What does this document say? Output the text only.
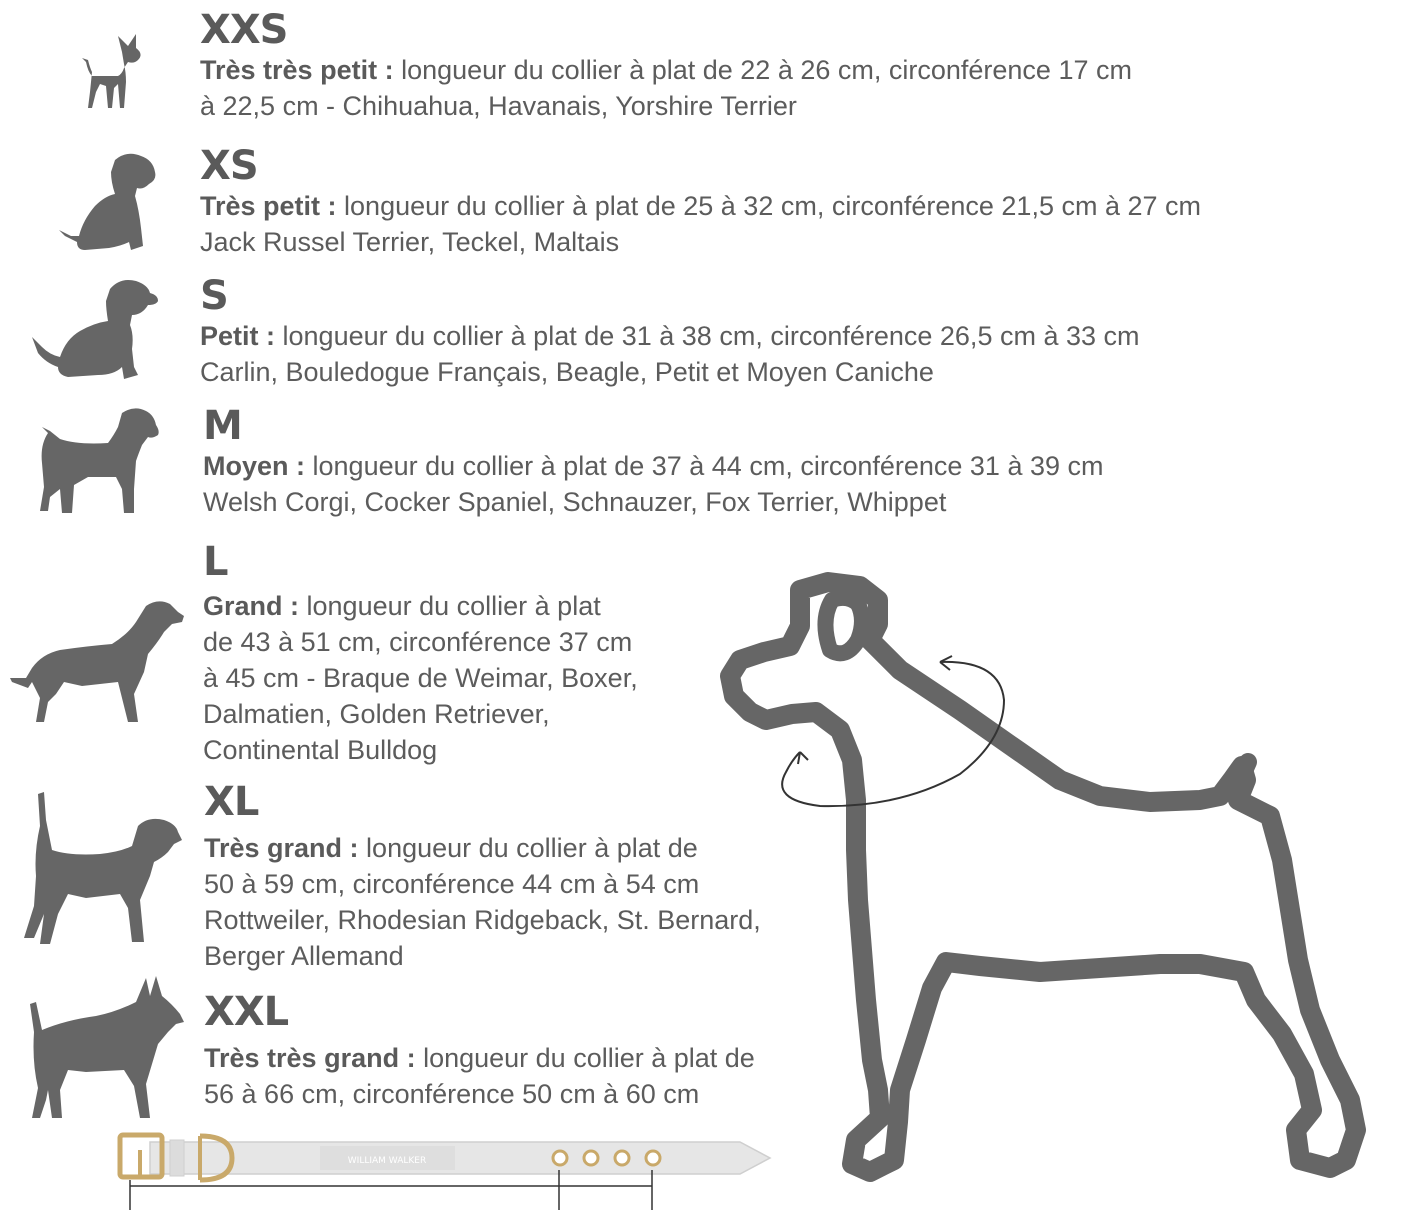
XXS
Très très petit : longueur du collier à plat de 22 à 26 cm, circonférence 17 cm
à 22,5 cm - Chihuahua, Havanais, Yorshire Terrier
XS
Très petit : longueur du collier à plat de 25 à 32 cm, circonférence 21,5 cm à 27 cm
Jack Russel Terrier, Teckel, Maltais
S
Petit : longueur du collier à plat de 31 à 38 cm, circonférence 26,5 cm à 33 cm
Carlin, Bouledogue Français, Beagle, Petit et Moyen Caniche
M
Moyen : longueur du collier à plat de 37 à 44 cm, circonférence 31 à 39 cm
Welsh Corgi, Cocker Spaniel, Schnauzer, Fox Terrier, Whippet
L
Grand : longueur du collier à plat
de 43 à 51 cm, circonférence 37 cm
à 45 cm - Braque de Weimar, Boxer,
Dalmatien, Golden Retriever,
Continental Bulldog
XL
Très grand : longueur du collier à plat de
50 à 59 cm, circonférence 44 cm à 54 cm
Rottweiler, Rhodesian Ridgeback, St. Bernard,
Berger Allemand
XXL
Très très grand : longueur du collier à plat de
56 à 66 cm, circonférence 50 cm à 60 cm
WILLIAM WALKER
